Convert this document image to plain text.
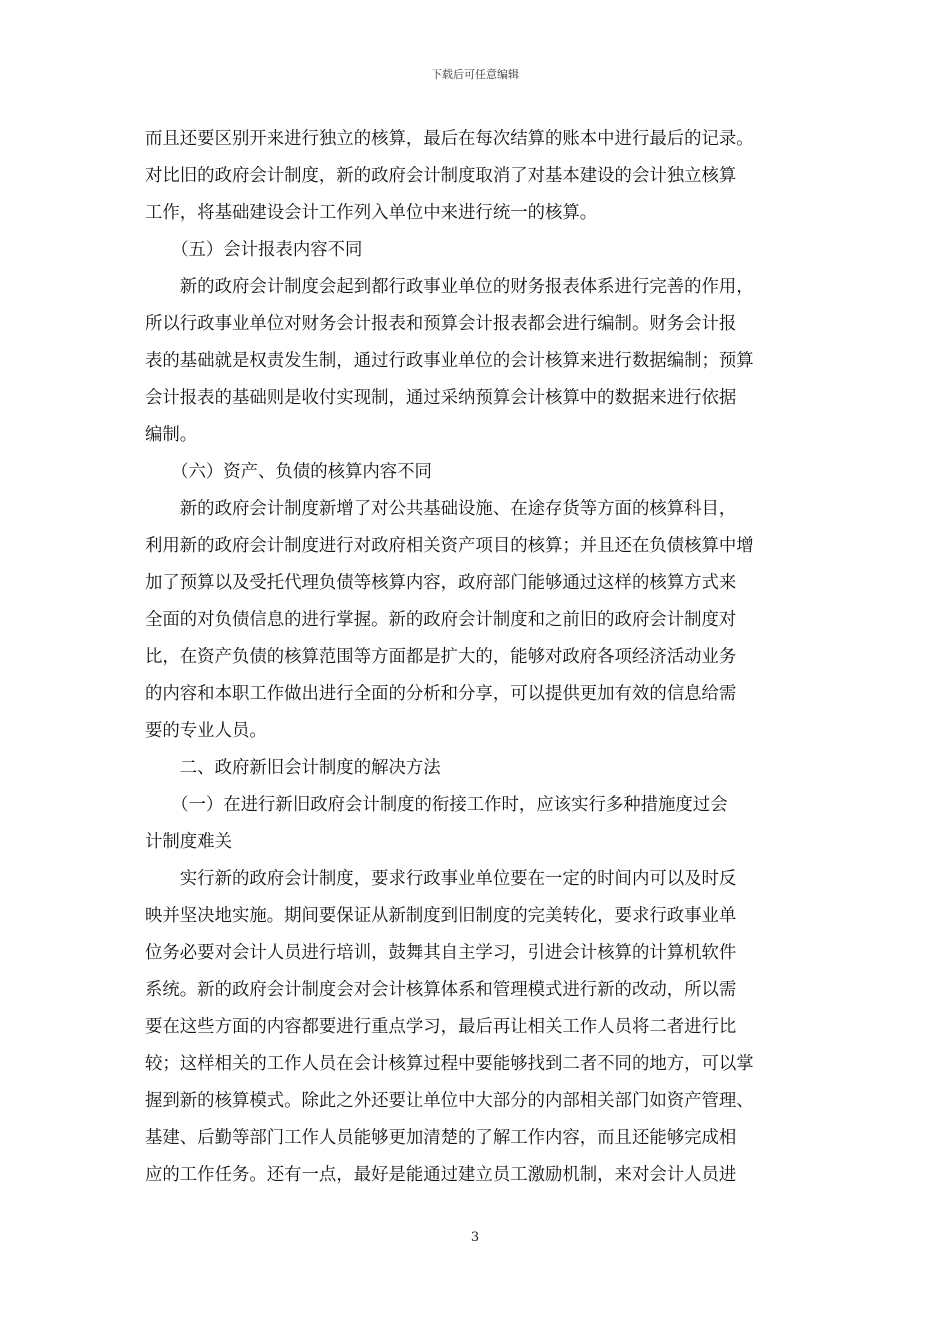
下载后可任意编辑
而且还要区别开来进行独立的核算，最后在每次结算的账本中进行最后的记录。
对比旧的政府会计制度，新的政府会计制度取消了对基本建设的会计独立核算
工作，将基础建设会计工作列入单位中来进行统一的核算。
　　（五）会计报表内容不同
　　新的政府会计制度会起到都行政事业单位的财务报表体系进行完善的作用，
所以行政事业单位对财务会计报表和预算会计报表都会进行编制。财务会计报
表的基础就是权责发生制，通过行政事业单位的会计核算来进行数据编制；预算
会计报表的基础则是收付实现制，通过采纳预算会计核算中的数据来进行依据
编制。
　　（六）资产、负债的核算内容不同
　　新的政府会计制度新增了对公共基础设施、在途存货等方面的核算科目，
利用新的政府会计制度进行对政府相关资产项目的核算；并且还在负债核算中增
加了预算以及受托代理负债等核算内容，政府部门能够通过这样的核算方式来
全面的对负债信息的进行掌握。新的政府会计制度和之前旧的政府会计制度对
比，在资产负债的核算范围等方面都是扩大的，能够对政府各项经济活动业务
的内容和本职工作做出进行全面的分析和分享，可以提供更加有效的信息给需
要的专业人员。
　　二、政府新旧会计制度的解决方法
　　（一）在进行新旧政府会计制度的衔接工作时，应该实行多种措施度过会
计制度难关
　　实行新的政府会计制度，要求行政事业单位要在一定的时间内可以及时反
映并坚决地实施。期间要保证从新制度到旧制度的完美转化，要求行政事业单
位务必要对会计人员进行培训，鼓舞其自主学习，引进会计核算的计算机软件
系统。新的政府会计制度会对会计核算体系和管理模式进行新的改动，所以需
要在这些方面的内容都要进行重点学习，最后再让相关工作人员将二者进行比
较；这样相关的工作人员在会计核算过程中要能够找到二者不同的地方，可以掌
握到新的核算模式。除此之外还要让单位中大部分的内部相关部门如资产管理、
基建、后勤等部门工作人员能够更加清楚的了解工作内容，而且还能够完成相
应的工作任务。还有一点，最好是能通过建立员工激励机制，来对会计人员进
3
